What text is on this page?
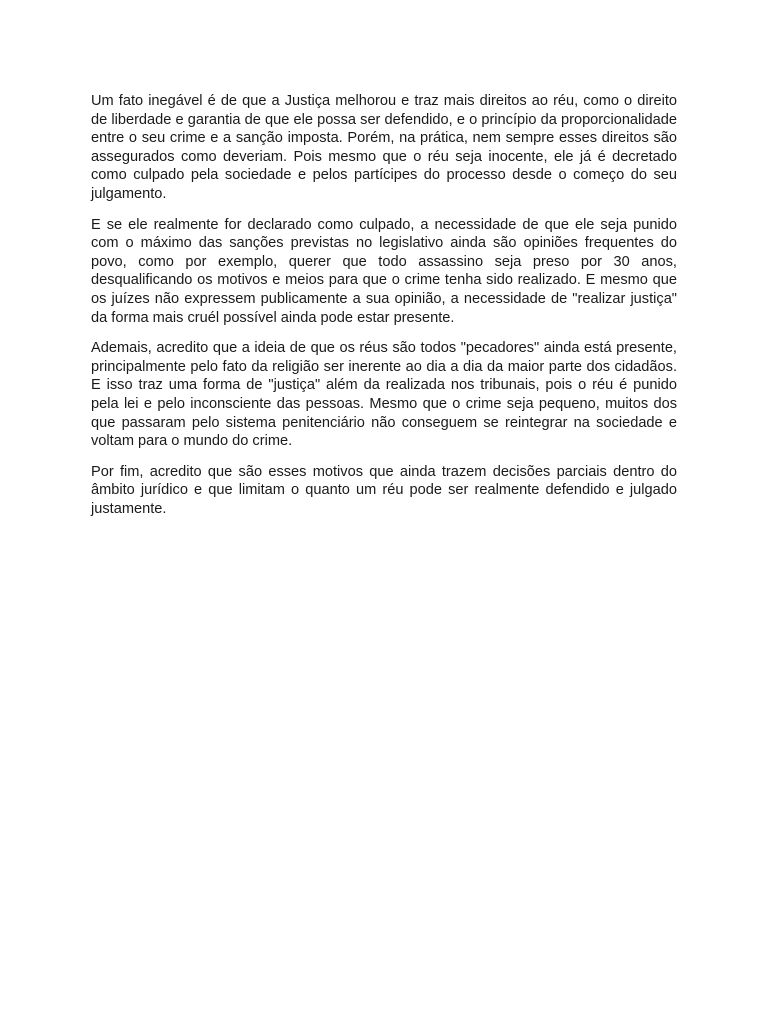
Um fato inegável é de que a Justiça melhorou e traz mais direitos ao réu, como o direito de liberdade e garantia de que ele possa ser defendido, e o princípio da proporcionalidade entre o seu crime e a sanção imposta. Porém, na prática, nem sempre esses direitos são assegurados como deveriam. Pois mesmo que o réu seja inocente, ele já é decretado como culpado pela sociedade e pelos partícipes do processo desde o começo do seu julgamento.

E se ele realmente for declarado como culpado, a necessidade de que ele seja punido com o máximo das sanções previstas no legislativo ainda são opiniões frequentes do povo, como por exemplo, querer que todo assassino seja preso por 30 anos, desqualificando os motivos e meios para que o crime tenha sido realizado. E mesmo que os juízes não expressem publicamente a sua opinião, a necessidade de "realizar justiça" da forma mais cruél possível ainda pode estar presente.

Ademais, acredito que a ideia de que os réus são todos "pecadores" ainda está presente, principalmente pelo fato da religião ser inerente ao dia a dia da maior parte dos cidadãos. E isso traz uma forma de "justiça" além da realizada nos tribunais, pois o réu é punido pela lei e pelo inconsciente das pessoas. Mesmo que o crime seja pequeno, muitos dos que passaram pelo sistema penitenciário não conseguem se reintegrar na sociedade e voltam para o mundo do crime.

Por fim, acredito que são esses motivos que ainda trazem decisões parciais dentro do âmbito jurídico e que limitam o quanto um réu pode ser realmente defendido e julgado justamente.
